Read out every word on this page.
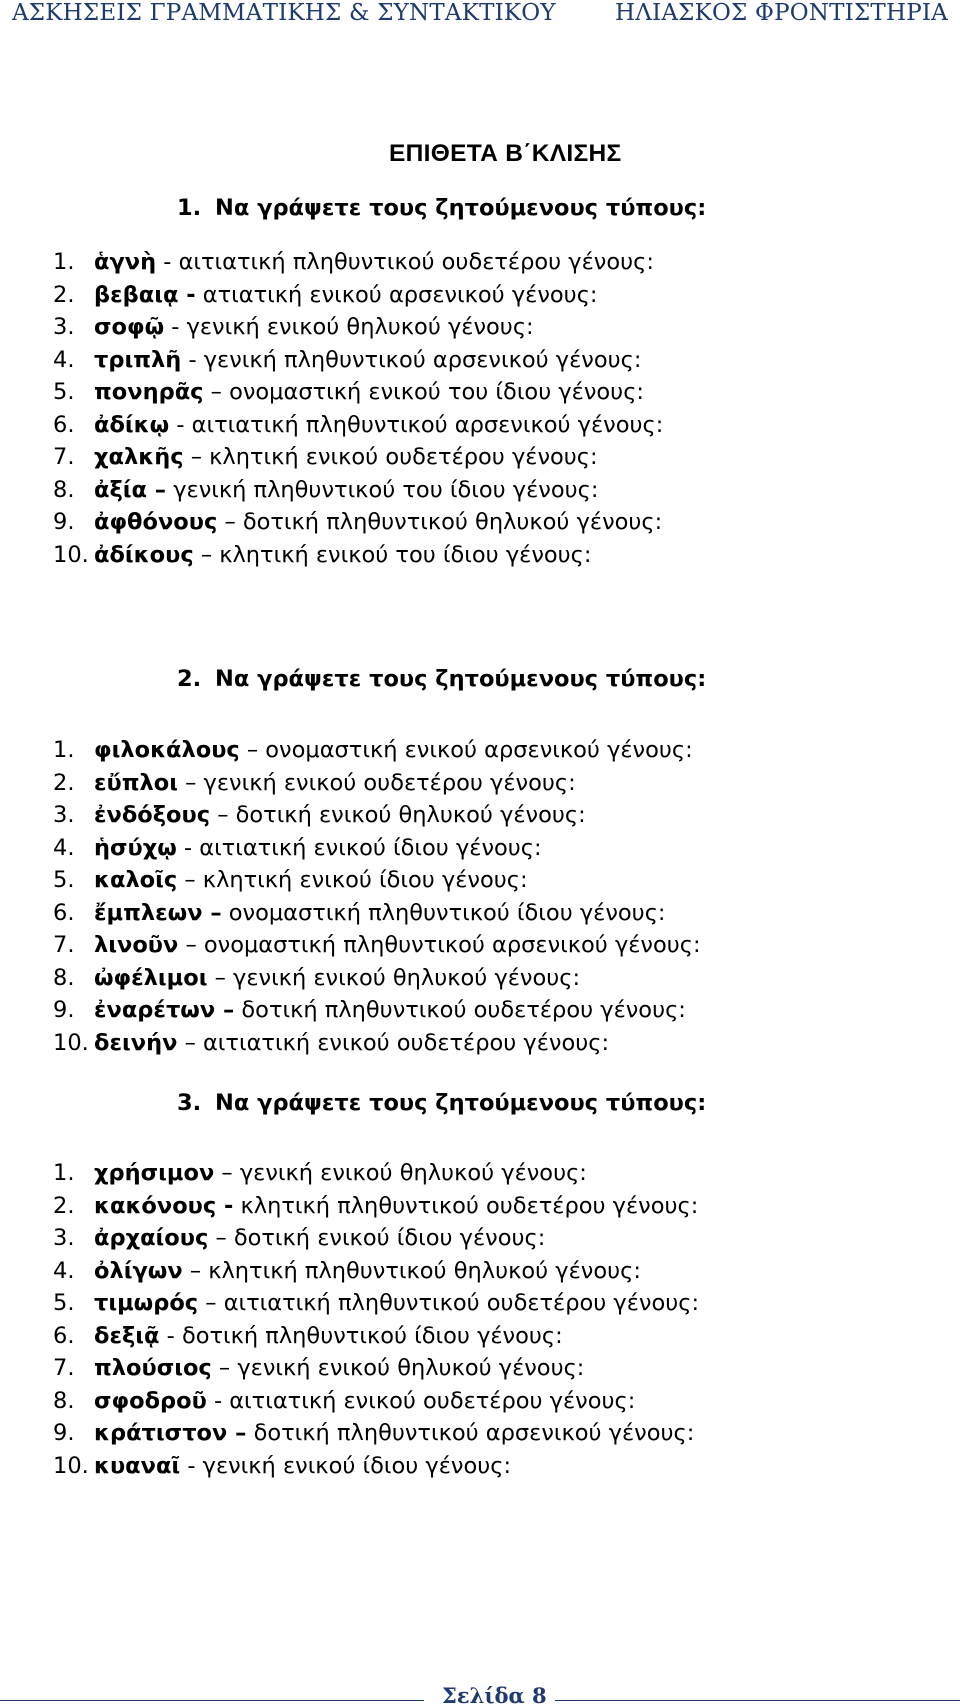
ΑΣΚΗΣΕΙΣ ΓΡΑΜΜΑΤΙΚΗΣ & ΣΥΝΤΑΚΤΙΚΟΥ	ΗΛΙΑΣΚΟΣ ΦΡΟΝΤΙΣΤΗΡΙΑ
ΕΠΙΘΕΤΑ Β΄ΚΛΙΣΗΣ
1. Να γράψετε τους ζητούμενους τύπους:
1. ἁγνὴ - αιτιατική πληθυντικού ουδετέρου γένους:
2. βεβαιᾳ - ατιατική ενικού αρσενικού γένους:
3. σοφῷ - γενική ενικού θηλυκού γένους:
4. τριπλῆ - γενική πληθυντικού αρσενικού γένους:
5. πονηρᾶς – ονομαστική ενικού του ίδιου γένους:
6. ἀδίκῳ - αιτιατική πληθυντικού αρσενικού γένους:
7. χαλκῆς – κλητική ενικού ουδετέρου γένους:
8. ἀξία – γενική πληθυντικού του ίδιου γένους:
9. ἀφθόνους – δοτική πληθυντικού θηλυκού γένους:
10. ἀδίκους – κλητική ενικού του ίδιου γένους:
2. Να γράψετε τους ζητούμενους τύπους:
1. φιλοκάλους – ονομαστική ενικού αρσενικού γένους:
2. εὔπλοι – γενική ενικού ουδετέρου γένους:
3. ἐνδόξους – δοτική ενικού θηλυκού γένους:
4. ἡσύχῳ - αιτιατική ενικού ίδιου γένους:
5. καλοῖς – κλητική ενικού ίδιου γένους:
6. ἔμπλεων – ονομαστική πληθυντικού ίδιου γένους:
7. λινοῦν – ονομαστική πληθυντικού αρσενικού γένους:
8. ὠφέλιμοι – γενική ενικού θηλυκού γένους:
9. ἐναρέτων – δοτική πληθυντικού ουδετέρου γένους:
10. δεινήν – αιτιατική ενικού ουδετέρου γένους:
3. Να γράψετε τους ζητούμενους τύπους:
1. χρήσιμον – γενική ενικού θηλυκού γένους:
2. κακόνους - κλητική πληθυντικού ουδετέρου γένους:
3. ἀρχαίους – δοτική ενικού ίδιου γένους:
4. ὀλίγων – κλητική πληθυντικού θηλυκού γένους:
5. τιμωρός – αιτιατική πληθυντικού ουδετέρου γένους:
6. δεξιᾷ - δοτική πληθυντικού ίδιου γένους:
7. πλούσιος – γενική ενικού θηλυκού γένους:
8. σφοδροῦ - αιτιατική ενικού ουδετέρου γένους:
9. κράτιστον – δοτική πληθυντικού αρσενικού γένους:
10. κυαναῖ - γενική ενικού ίδιου γένους:
Σελίδα 8
